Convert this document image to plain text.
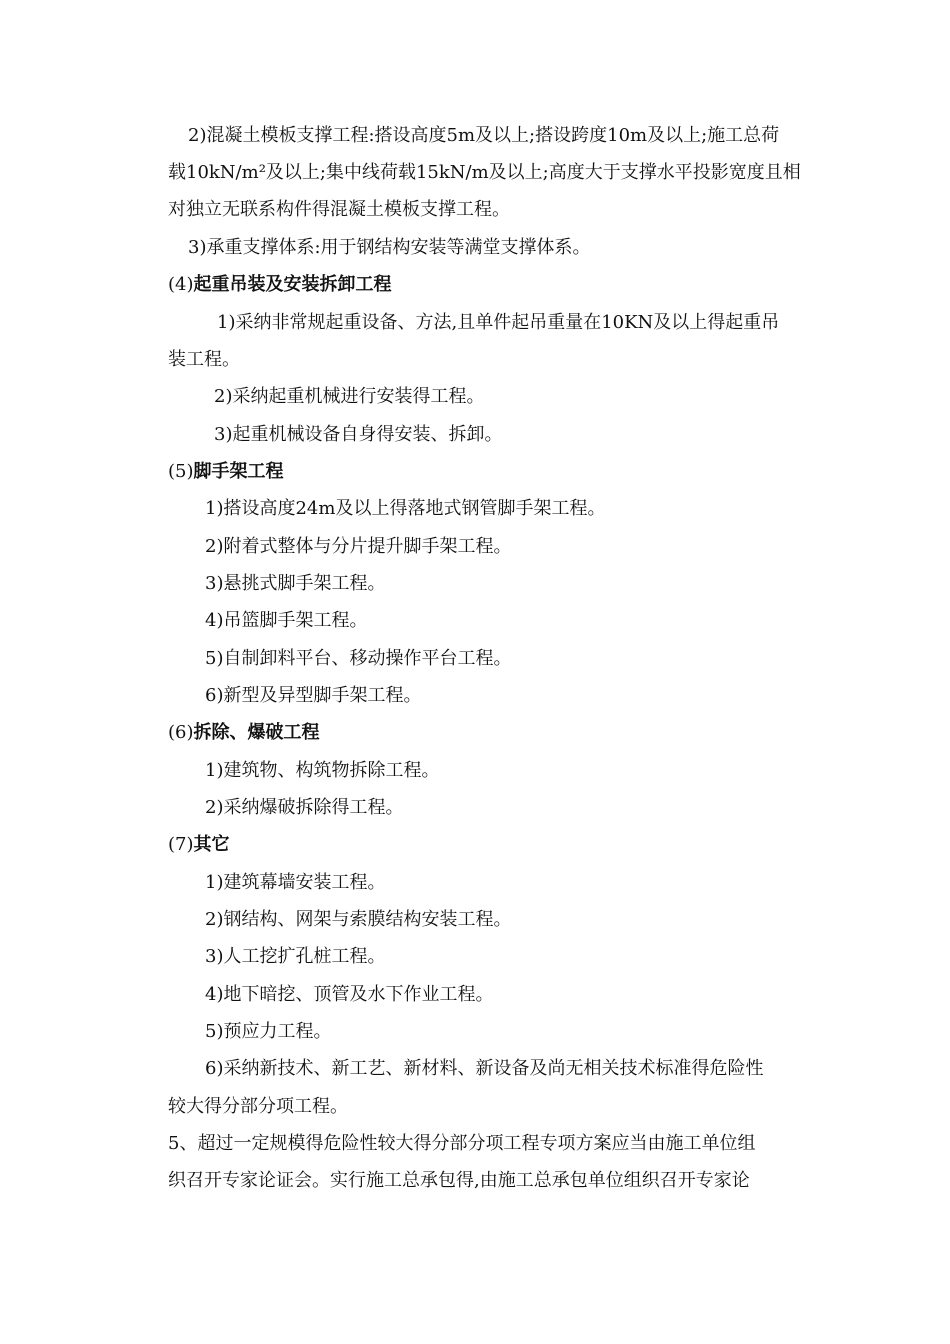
2)混凝土模板支撑工程:搭设高度5m及以上;搭设跨度10m及以上;施工总荷
载10kN/m²及以上;集中线荷载15kN/m及以上;高度大于支撑水平投影宽度且相
对独立无联系构件得混凝土模板支撑工程。
3)承重支撑体系:用于钢结构安装等满堂支撑体系。
(4)起重吊装及安装拆卸工程
1)采纳非常规起重设备、方法,且单件起吊重量在10KN及以上得起重吊
装工程。
2)采纳起重机械进行安装得工程。
3)起重机械设备自身得安装、拆卸。
(5)脚手架工程
1)搭设高度24m及以上得落地式钢管脚手架工程。
2)附着式整体与分片提升脚手架工程。
3)悬挑式脚手架工程。
4)吊篮脚手架工程。
5)自制卸料平台、移动操作平台工程。
6)新型及异型脚手架工程。
(6)拆除、爆破工程
1)建筑物、构筑物拆除工程。
2)采纳爆破拆除得工程。
(7)其它
1)建筑幕墙安装工程。
2)钢结构、网架与索膜结构安装工程。
3)人工挖扩孔桩工程。
4)地下暗挖、顶管及水下作业工程。
5)预应力工程。
6)采纳新技术、新工艺、新材料、新设备及尚无相关技术标准得危险性
较大得分部分项工程。
5、超过一定规模得危险性较大得分部分项工程专项方案应当由施工单位组
织召开专家论证会。实行施工总承包得,由施工总承包单位组织召开专家论
